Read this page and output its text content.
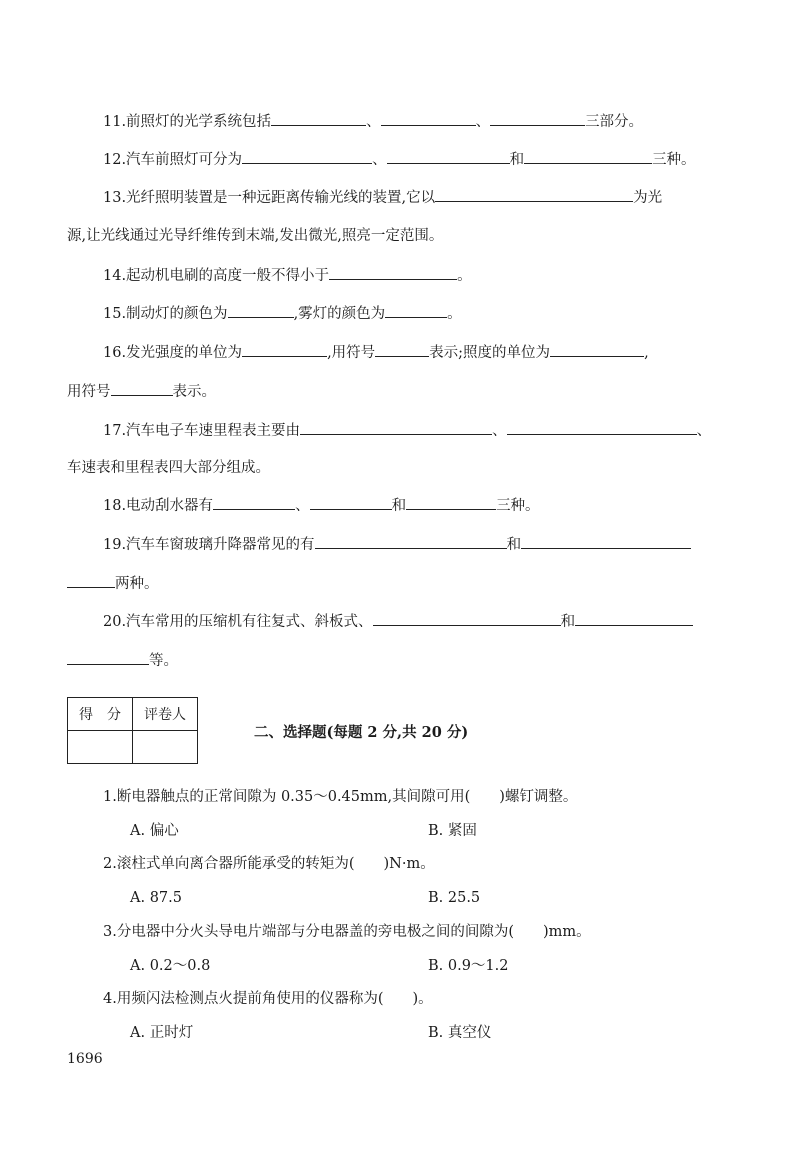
11.前照灯的光学系统包括	、	、	三部分。
12.汽车前照灯可分为	、	和	三种。
13.光纤照明装置是一种远距离传输光线的装置,它以	为光
源,让光线通过光导纤维传到末端,发出微光,照亮一定范围。
14.起动机电刷的高度一般不得小于	。
15.制动灯的颜色为	,雾灯的颜色为	。
16.发光强度的单位为	,用符号	表示;照度的单位为	,
用符号	表示。
17.汽车电子车速里程表主要由	、	、
车速表和里程表四大部分组成。
18.电动刮水器有	、	和	三种。
19.汽车车窗玻璃升降器常见的有	和
两种。
20.汽车常用的压缩机有往复式、斜板式、	和
等。
得　分	评卷人

二、选择题(每题 2 分,共 20 分)
1.断电器触点的正常间隙为 0.35～0.45mm,其间隙可用(　　)螺钉调整。
A. 偏心	B. 紧固
2.滚柱式单向离合器所能承受的转矩为(　　)N·m。
A. 87.5	B. 25.5
3.分电器中分火头导电片端部与分电器盖的旁电极之间的间隙为(　　)mm。
A. 0.2～0.8	B. 0.9～1.2
4.用频闪法检测点火提前角使用的仪器称为(　　)。
A. 正时灯	B. 真空仪
1696
